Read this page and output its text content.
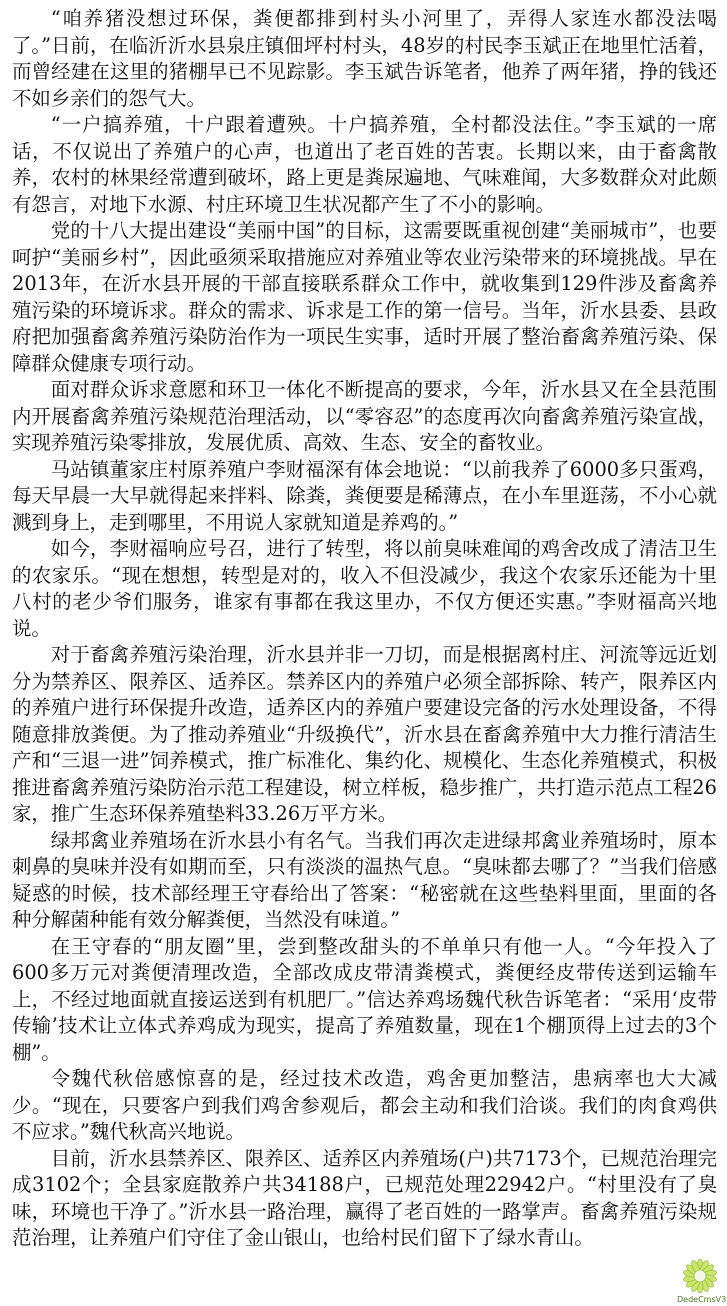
“咱养猪没想过环保，粪便都排到村头小河里了，弄得人家连水都没法喝了。”日前，在临沂沂水县泉庄镇佃坪村村头，48岁的村民李玉斌正在地里忙活着，而曾经建在这里的猪棚早已不见踪影。李玉斌告诉笔者，他养了两年猪，挣的钱还不如乡亲们的怨气大。

“一户搞养殖，十户跟着遭殃。十户搞养殖，全村都没法住。”李玉斌的一席话，不仅说出了养殖户的心声，也道出了老百姓的苦衷。长期以来，由于畜禽散养，农村的林果经常遭到破坏，路上更是粪尿遍地、气味难闻，大多数群众对此颇有怨言，对地下水源、村庄环境卫生状况都产生了不小的影响。

党的十八大提出建设“美丽中国”的目标，这需要既重视创建“美丽城市”，也要呵护“美丽乡村”，因此亟须采取措施应对养殖业等农业污染带来的环境挑战。早在2013年，在沂水县开展的干部直接联系群众工作中，就收集到129件涉及畜禽养殖污染的环境诉求。群众的需求、诉求是工作的第一信号。当年，沂水县委、县政府把加强畜禽养殖污染防治作为一项民生实事，适时开展了整治畜禽养殖污染、保障群众健康专项行动。

面对群众诉求意愿和环卫一体化不断提高的要求，今年，沂水县又在全县范围内开展畜禽养殖污染规范治理活动，以“零容忍”的态度再次向畜禽养殖污染宣战，实现养殖污染零排放，发展优质、高效、生态、安全的畜牧业。

马站镇董家庄村原养殖户李财福深有体会地说：“以前我养了6000多只蛋鸡，每天早晨一大早就得起来拌料、除粪，粪便要是稀薄点，在小车里逛荡，不小心就溅到身上，走到哪里，不用说人家就知道是养鸡的。”

如今，李财福响应号召，进行了转型，将以前臭味难闻的鸡舍改成了清洁卫生的农家乐。“现在想想，转型是对的，收入不但没减少，我这个农家乐还能为十里八村的老少爷们服务，谁家有事都在我这里办，不仅方便还实惠。”李财福高兴地说。

对于畜禽养殖污染治理，沂水县并非一刀切，而是根据离村庄、河流等远近划分为禁养区、限养区、适养区。禁养区内的养殖户必须全部拆除、转产，限养区内的养殖户进行环保提升改造，适养区内的养殖户要建设完备的污水处理设备，不得随意排放粪便。为了推动养殖业“升级换代”，沂水县在畜禽养殖中大力推行清洁生产和“三退一进”饲养模式，推广标准化、集约化、规模化、生态化养殖模式，积极推进畜禽养殖污染防治示范工程建设，树立样板，稳步推广，共打造示范点工程26家，推广生态环保养殖垫料33.26万平方米。

绿邦禽业养殖场在沂水县小有名气。当我们再次走进绿邦禽业养殖场时，原本刺鼻的臭味并没有如期而至，只有淡淡的温热气息。“臭味都去哪了？”当我们倍感疑惑的时候，技术部经理王守春给出了答案：“秘密就在这些垫料里面，里面的各种分解菌种能有效分解粪便，当然没有味道。”

在王守春的“朋友圈”里，尝到整改甜头的不单单只有他一人。“今年投入了600多万元对粪便清理改造，全部改成皮带清粪模式，粪便经皮带传送到运输车上，不经过地面就直接运送到有机肥厂。”信达养鸡场魏代秋告诉笔者：“采用‘皮带传输’技术让立体式养鸡成为现实，提高了养殖数量，现在1个棚顶得上过去的3个棚”。

令魏代秋倍感惊喜的是，经过技术改造，鸡舍更加整洁，患病率也大大减少。“现在，只要客户到我们鸡舍参观后，都会主动和我们洽谈。我们的肉食鸡供不应求。”魏代秋高兴地说。

目前，沂水县禁养区、限养区、适养区内养殖场(户)共7173个，已规范治理完成3102个；全县家庭散养户共34188户，已规范处理22942户。“村里没有了臭味，环境也干净了。”沂水县一路治理，赢得了老百姓的一路掌声。畜禽养殖污染规范治理，让养殖户们守住了金山银山，也给村民们留下了绿水青山。

DedeCmsV3
